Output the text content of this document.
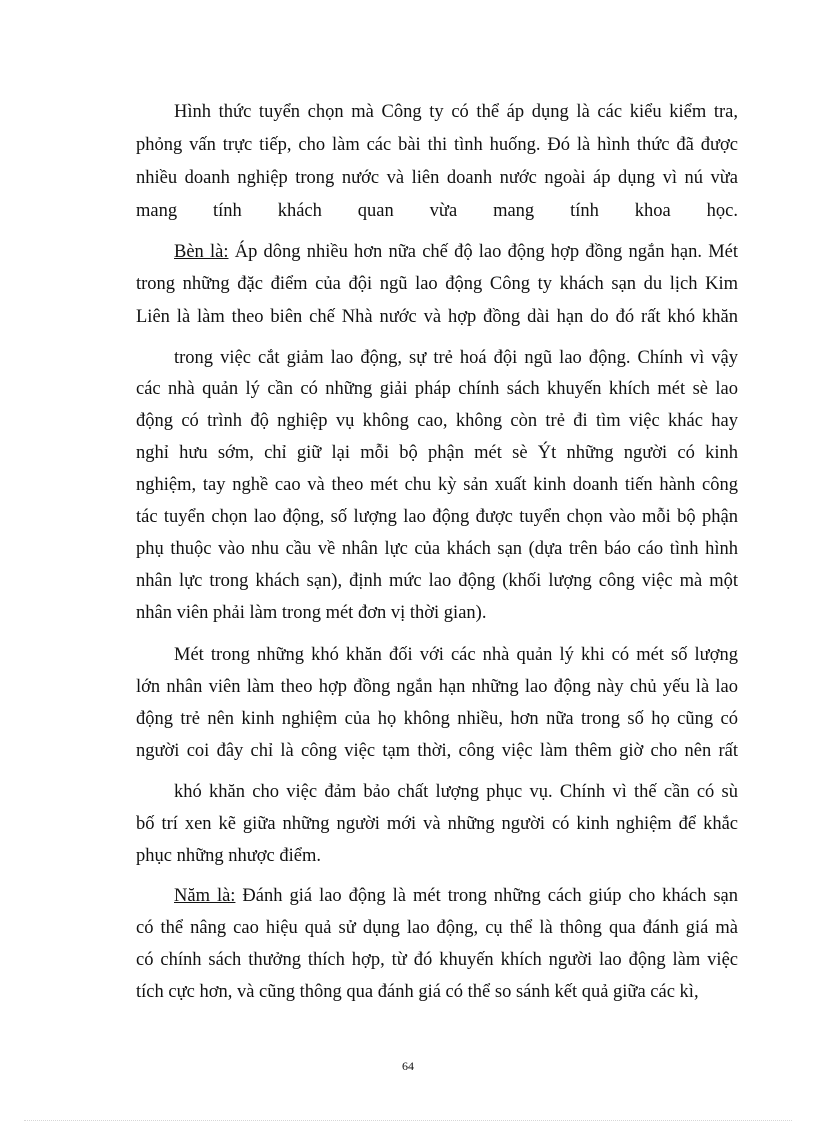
Hình thức tuyển chọn mà Công ty có thể áp dụng là các kiểu kiểm tra,
phỏng vấn trực tiếp, cho làm các bài thi tình huống. Đó là hình thức đã được
nhiều doanh nghiệp trong nước và liên doanh nước ngoài áp dụng vì nú vừa
mang tính khách quan vừa mang tính khoa học.
Bèn là: Áp dông nhiều hơn nữa chế độ lao động hợp đồng ngắn hạn. Mét
trong những đặc điểm của đội ngũ lao động Công ty khách sạn du lịch Kim
Liên là làm theo biên chế Nhà nước và hợp đồng dài hạn do đó rất khó khăn
trong việc cắt giảm lao động, sự trẻ hoá đội ngũ lao động. Chính vì vậy
các nhà quản lý cần có những giải pháp chính sách khuyến khích mét sè lao
động có trình độ nghiệp vụ không cao, không còn trẻ đi tìm việc khác hay
nghỉ hưu sớm, chỉ giữ lại mỗi bộ phận mét sè Ýt những người có kinh
nghiệm, tay nghề cao và theo mét chu kỳ sản xuất kinh doanh tiến hành công
tác tuyển chọn lao động, số lượng lao động được tuyển chọn vào mỗi bộ phận
phụ thuộc vào nhu cầu về nhân lực của khách sạn (dựa trên báo cáo tình hình
nhân lực trong khách sạn), định mức lao động (khối lượng công việc mà một
nhân viên phải làm trong mét đơn vị thời gian).
Mét trong những khó khăn đối với các nhà quản lý khi có mét số lượng
lớn nhân viên làm theo hợp đồng ngắn hạn những lao động này chủ yếu là lao
động trẻ nên kinh nghiệm của họ không nhiều, hơn nữa trong số họ cũng có
người coi đây chỉ là công việc tạm thời, công việc làm thêm giờ cho nên rất
khó khăn cho việc đảm bảo chất lượng phục vụ. Chính vì thế cần có sù
bố trí xen kẽ giữa những người mới và những người có kinh nghiệm để khắc
phục những nhược điểm.
Năm là: Đánh giá lao động là mét trong những cách giúp cho khách sạn
có thể nâng cao hiệu quả sử dụng lao động, cụ thể là thông qua đánh giá mà
có chính sách thưởng thích hợp, từ đó khuyến khích người lao động làm việc
tích cực hơn, và cũng thông qua đánh giá có thể so sánh kết quả giữa các kì,
64
